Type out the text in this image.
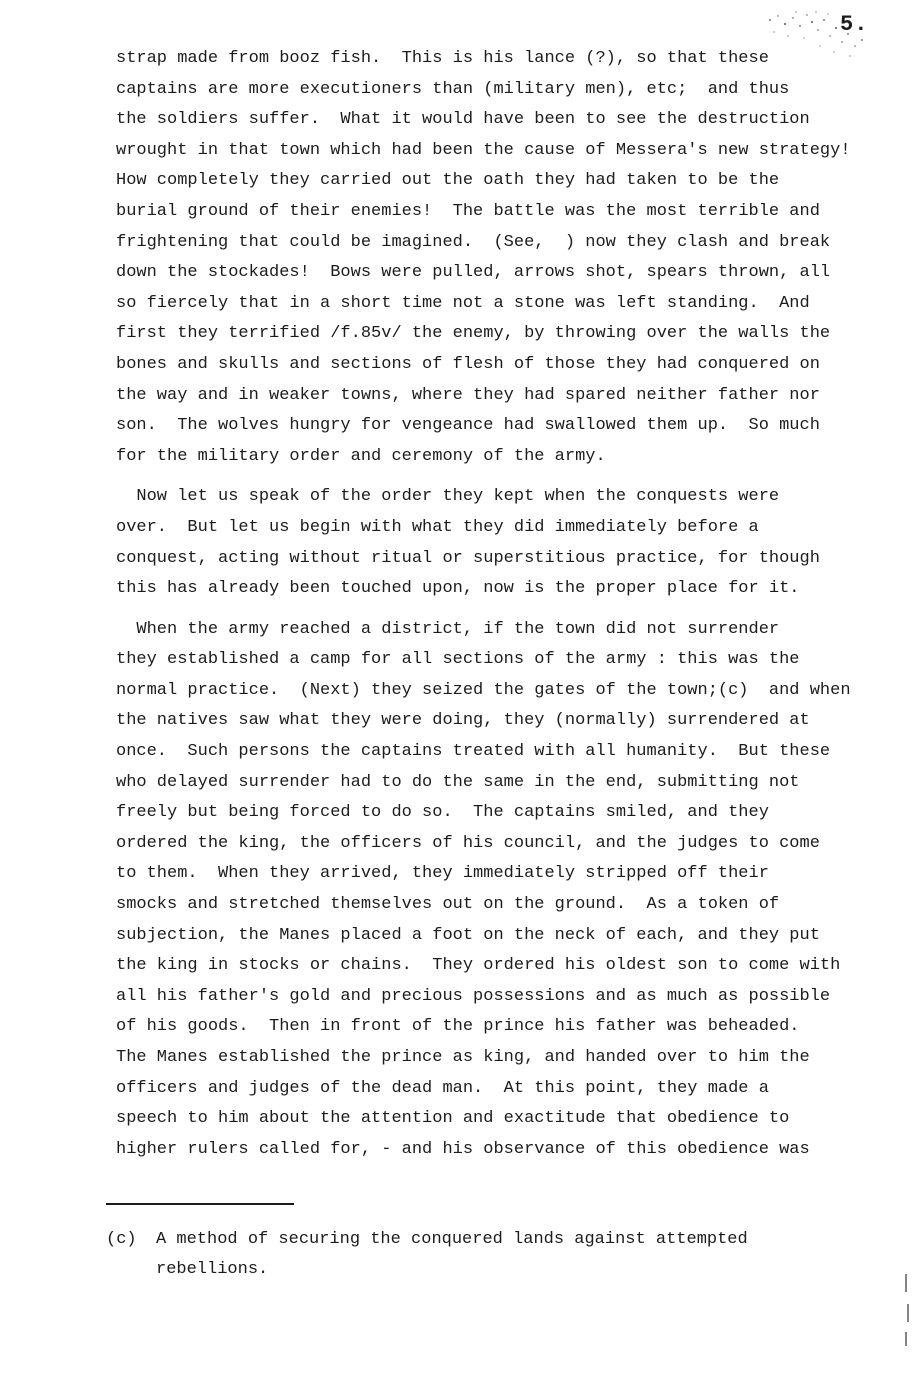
5.
strap made from booz fish.  This is his lance (?), so that these
captains are more executioners than (military men), etc;  and thus
the soldiers suffer.  What it would have been to see the destruction
wrought in that town which had been the cause of Messera's new strategy!
How completely they carried out the oath they had taken to be the
burial ground of their enemies!  The battle was the most terrible and
frightening that could be imagined.  (See,  ) now they clash and break
down the stockades!  Bows were pulled, arrows shot, spears thrown, all
so fiercely that in a short time not a stone was left standing.  And
first they terrified /f.85v/ the enemy, by throwing over the walls the
bones and skulls and sections of flesh of those they had conquered on
the way and in weaker towns, where they had spared neither father nor
son.  The wolves hungry for vengeance had swallowed them up.  So much
for the military order and ceremony of the army.
Now let us speak of the order they kept when the conquests were
over.  But let us begin with what they did immediately before a
conquest, acting without ritual or superstitious practice, for though
this has already been touched upon, now is the proper place for it.
When the army reached a district, if the town did not surrender
they established a camp for all sections of the army : this was the
normal practice.  (Next) they seized the gates of the town;(c)  and when
the natives saw what they were doing, they (normally) surrendered at
once.  Such persons the captains treated with all humanity.  But these
who delayed surrender had to do the same in the end, submitting not
freely but being forced to do so.  The captains smiled, and they
ordered the king, the officers of his council, and the judges to come
to them.  When they arrived, they immediately stripped off their
smocks and stretched themselves out on the ground.  As a token of
subjection, the Manes placed a foot on the neck of each, and they put
the king in stocks or chains.  They ordered his oldest son to come with
all his father's gold and precious possessions and as much as possible
of his goods.  Then in front of the prince his father was beheaded.
The Manes established the prince as king, and handed over to him the
officers and judges of the dead man.  At this point, they made a
speech to him about the attention and exactitude that obedience to
higher rulers called for, - and his observance of this obedience was
(c) A method of securing the conquered lands against attempted
rebellions.
